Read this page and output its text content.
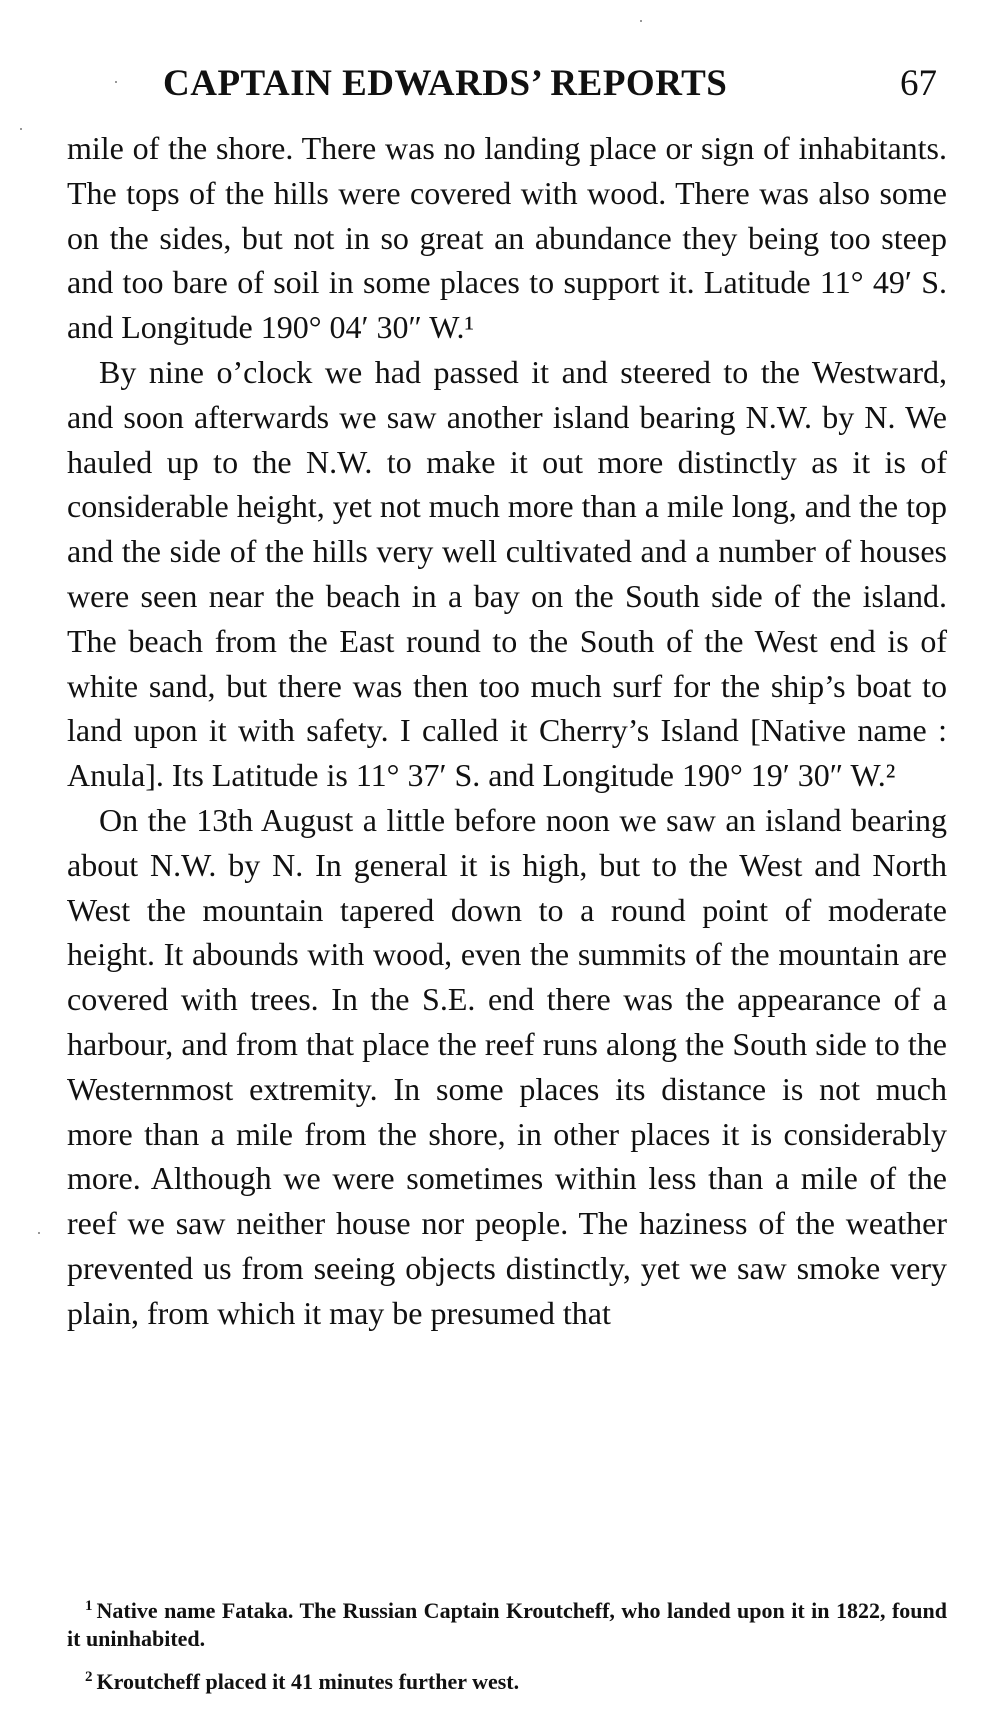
CAPTAIN EDWARDS’ REPORTS	67

mile of the shore. There was no landing place or sign of inhabitants. The tops of the hills were covered with wood. There was also some on the sides, but not in so great an abundance they being too steep and too bare of soil in some places to support it. Latitude 11° 49′ S. and Longitude 190° 04′ 30″ W.¹

By nine o’clock we had passed it and steered to the Westward, and soon afterwards we saw another island bearing N.W. by N. We hauled up to the N.W. to make it out more distinctly as it is of considerable height, yet not much more than a mile long, and the top and the side of the hills very well cultivated and a number of houses were seen near the beach in a bay on the South side of the island. The beach from the East round to the South of the West end is of white sand, but there was then too much surf for the ship’s boat to land upon it with safety. I called it Cherry’s Island [Native name : Anula]. Its Latitude is 11° 37′ S. and Longitude 190° 19′ 30″ W.²

On the 13th August a little before noon we saw an island bearing about N.W. by N. In general it is high, but to the West and North West the mountain tapered down to a round point of moderate height. It abounds with wood, even the summits of the mountain are covered with trees. In the S.E. end there was the appearance of a harbour, and from that place the reef runs along the South side to the Westernmost extremity. In some places its distance is not much more than a mile from the shore, in other places it is considerably more. Although we were sometimes within less than a mile of the reef we saw neither house nor people. The haziness of the weather prevented us from seeing objects distinctly, yet we saw smoke very plain, from which it may be presumed that

$^1$ Native name Fataka. The Russian Captain Kroutcheff, who landed upon it in 1822, found it uninhabited.

$^2$ Kroutcheff placed it 41 minutes further west.
